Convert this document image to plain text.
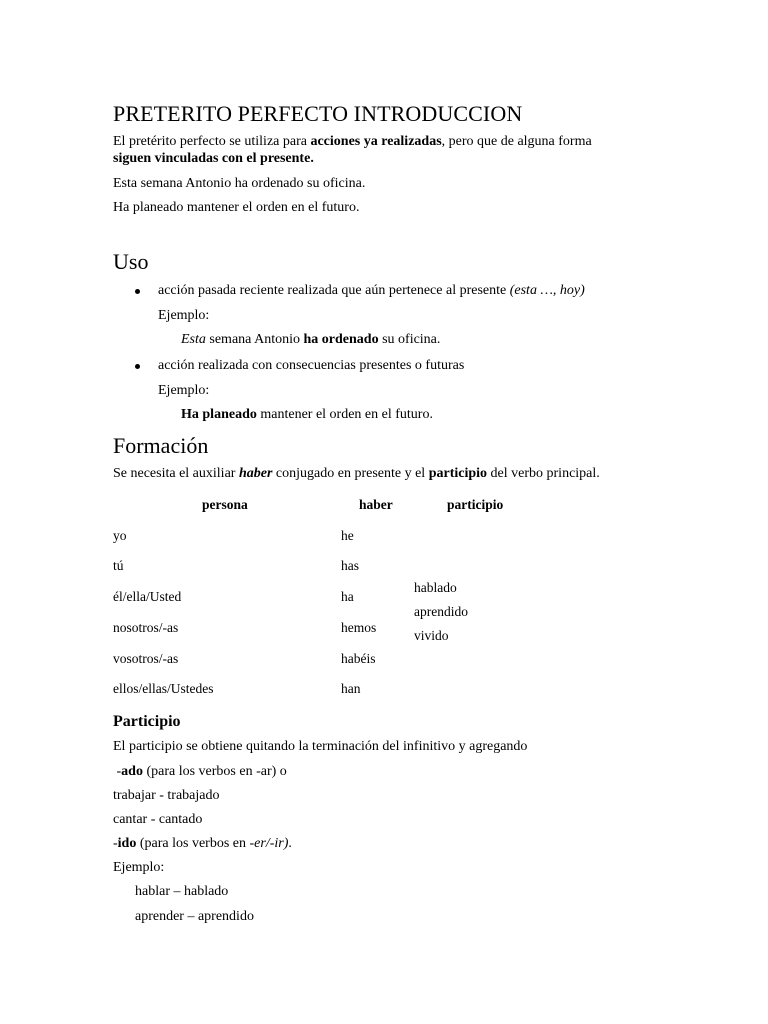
PRETERITO PERFECTO INTRODUCCION
El pretérito perfecto se utiliza para acciones ya realizadas, pero que de alguna forma
siguen vinculadas con el presente.
Esta semana Antonio ha ordenado su oficina.
Ha planeado mantener el orden en el futuro.
Uso
acción pasada reciente realizada que aún pertenece al presente (esta …, hoy)
Ejemplo:
Esta semana Antonio ha ordenado su oficina.
acción realizada con consecuencias presentes o futuras
Ejemplo:
Ha planeado mantener el orden en el futuro.
Formación
Se necesita el auxiliar haber conjugado en presente y el participio del verbo principal.
persona	haber	participio
yo
tú
él/ella/Usted
nosotros/-as
vosotros/-as
ellos/ellas/Ustedes
he
has
ha
hemos
habéis
han
hablado
aprendido
vivido
Participio
El participio se obtiene quitando la terminación del infinitivo y agregando
-ado (para los verbos en -ar) o
trabajar - trabajado
cantar - cantado
-ido (para los verbos en -er/-ir).
Ejemplo:
hablar – hablado
aprender – aprendido
